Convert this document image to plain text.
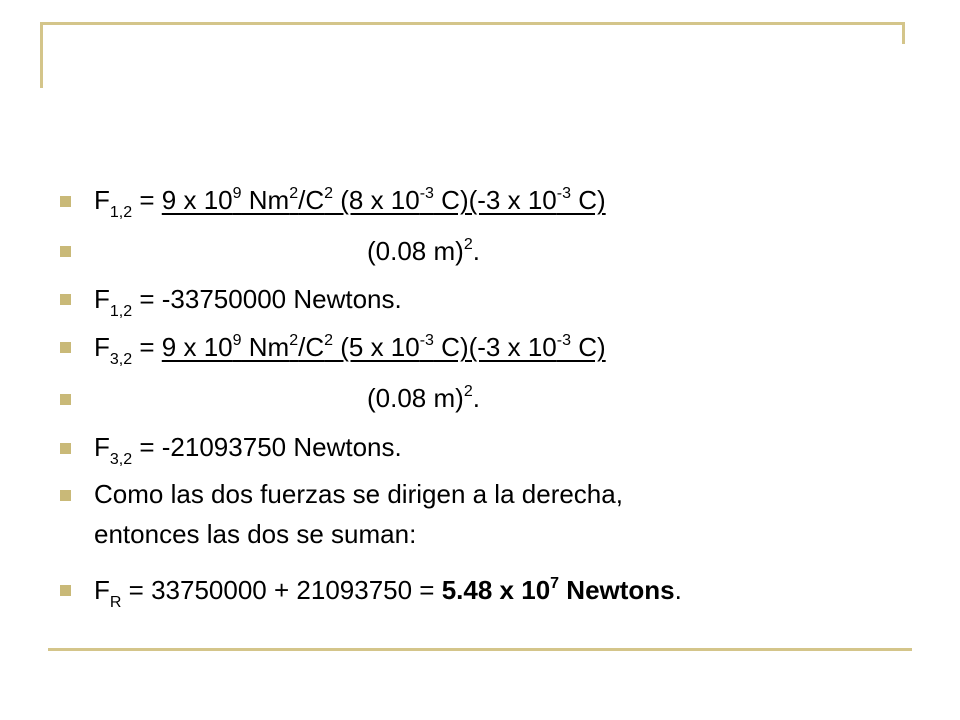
$F_{1,2} = 9$ x $10^9$ $Nm^2/C^2$ (8 x $10^{-3}$ C)(-3 x $10^{-3}$ C)
(0.08 m)$^2$.
$F_{1,2} = -33750000$ Newtons.
$F_{3,2} = 9$ x $10^9$ $Nm^2/C^2$ (5 x $10^{-3}$ C)(-3 x $10^{-3}$ C)
(0.08 m)$^2$.
$F_{3,2} = -21093750$ Newtons.
Como las dos fuerzas se dirigen a la derecha,
entonces las dos se suman:
$F_R = 33750000 + 21093750 = 5.48$ x $10^7$ Newtons.
